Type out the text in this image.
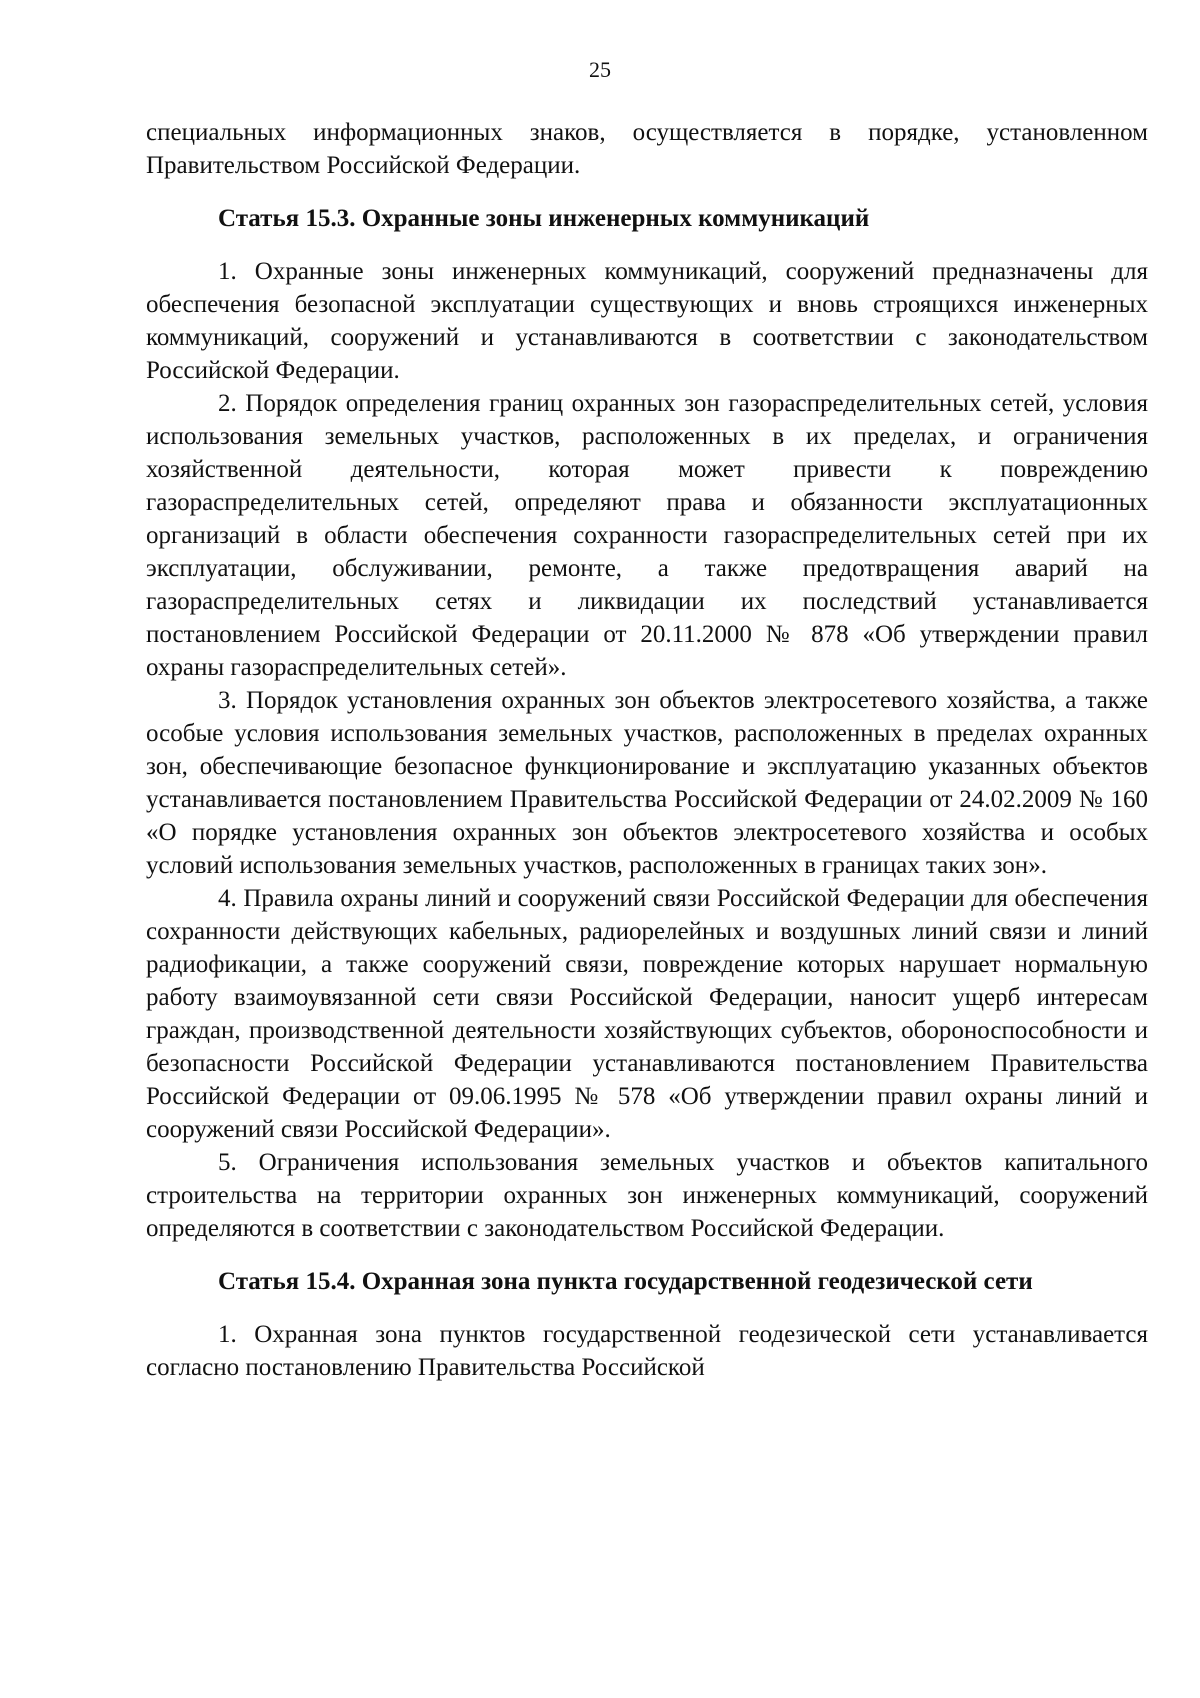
25

специальных информационных знаков, осуществляется в порядке, установленном Правительством Российской Федерации.

Статья 15.3. Охранные зоны инженерных коммуникаций

1. Охранные зоны инженерных коммуникаций, сооружений предназначены для обеспечения безопасной эксплуатации существующих и вновь строящихся инженерных коммуникаций, сооружений и устанавливаются в соответствии с законодательством Российской Федерации.

2. Порядок определения границ охранных зон газораспределительных сетей, условия использования земельных участков, расположенных в их пределах, и ограничения хозяйственной деятельности, которая может привести к повреждению газораспределительных сетей, определяют права и обязанности эксплуатационных организаций в области обеспечения сохранности газораспределительных сетей при их эксплуатации, обслуживании, ремонте, а также предотвращения аварий на газораспределительных сетях и ликвидации их последствий устанавливается постановлением Российской Федерации от 20.11.2000 № 878 «Об утверждении правил охраны газораспределительных сетей».

3. Порядок установления охранных зон объектов электросетевого хозяйства, а также особые условия использования земельных участков, расположенных в пределах охранных зон, обеспечивающие безопасное функционирование и эксплуатацию указанных объектов устанавливается постановлением Правительства Российской Федерации от 24.02.2009 № 160 «О порядке установления охранных зон объектов электросетевого хозяйства и особых условий использования земельных участков, расположенных в границах таких зон».

4. Правила охраны линий и сооружений связи Российской Федерации для обеспечения сохранности действующих кабельных, радиорелейных и воздушных линий связи и линий радиофикации, а также сооружений связи, повреждение которых нарушает нормальную работу взаимоувязанной сети связи Российской Федерации, наносит ущерб интересам граждан, производственной деятельности хозяйствующих субъектов, обороноспособности и безопасности Российской Федерации устанавливаются постановлением Правительства Российской Федерации от 09.06.1995 № 578 «Об утверждении правил охраны линий и сооружений связи Российской Федерации».

5. Ограничения использования земельных участков и объектов капитального строительства на территории охранных зон инженерных коммуникаций, сооружений определяются в соответствии с законодательством Российской Федерации.

Статья 15.4. Охранная зона пункта государственной геодезической сети

1. Охранная зона пунктов государственной геодезической сети устанавливается согласно постановлению Правительства Российской
